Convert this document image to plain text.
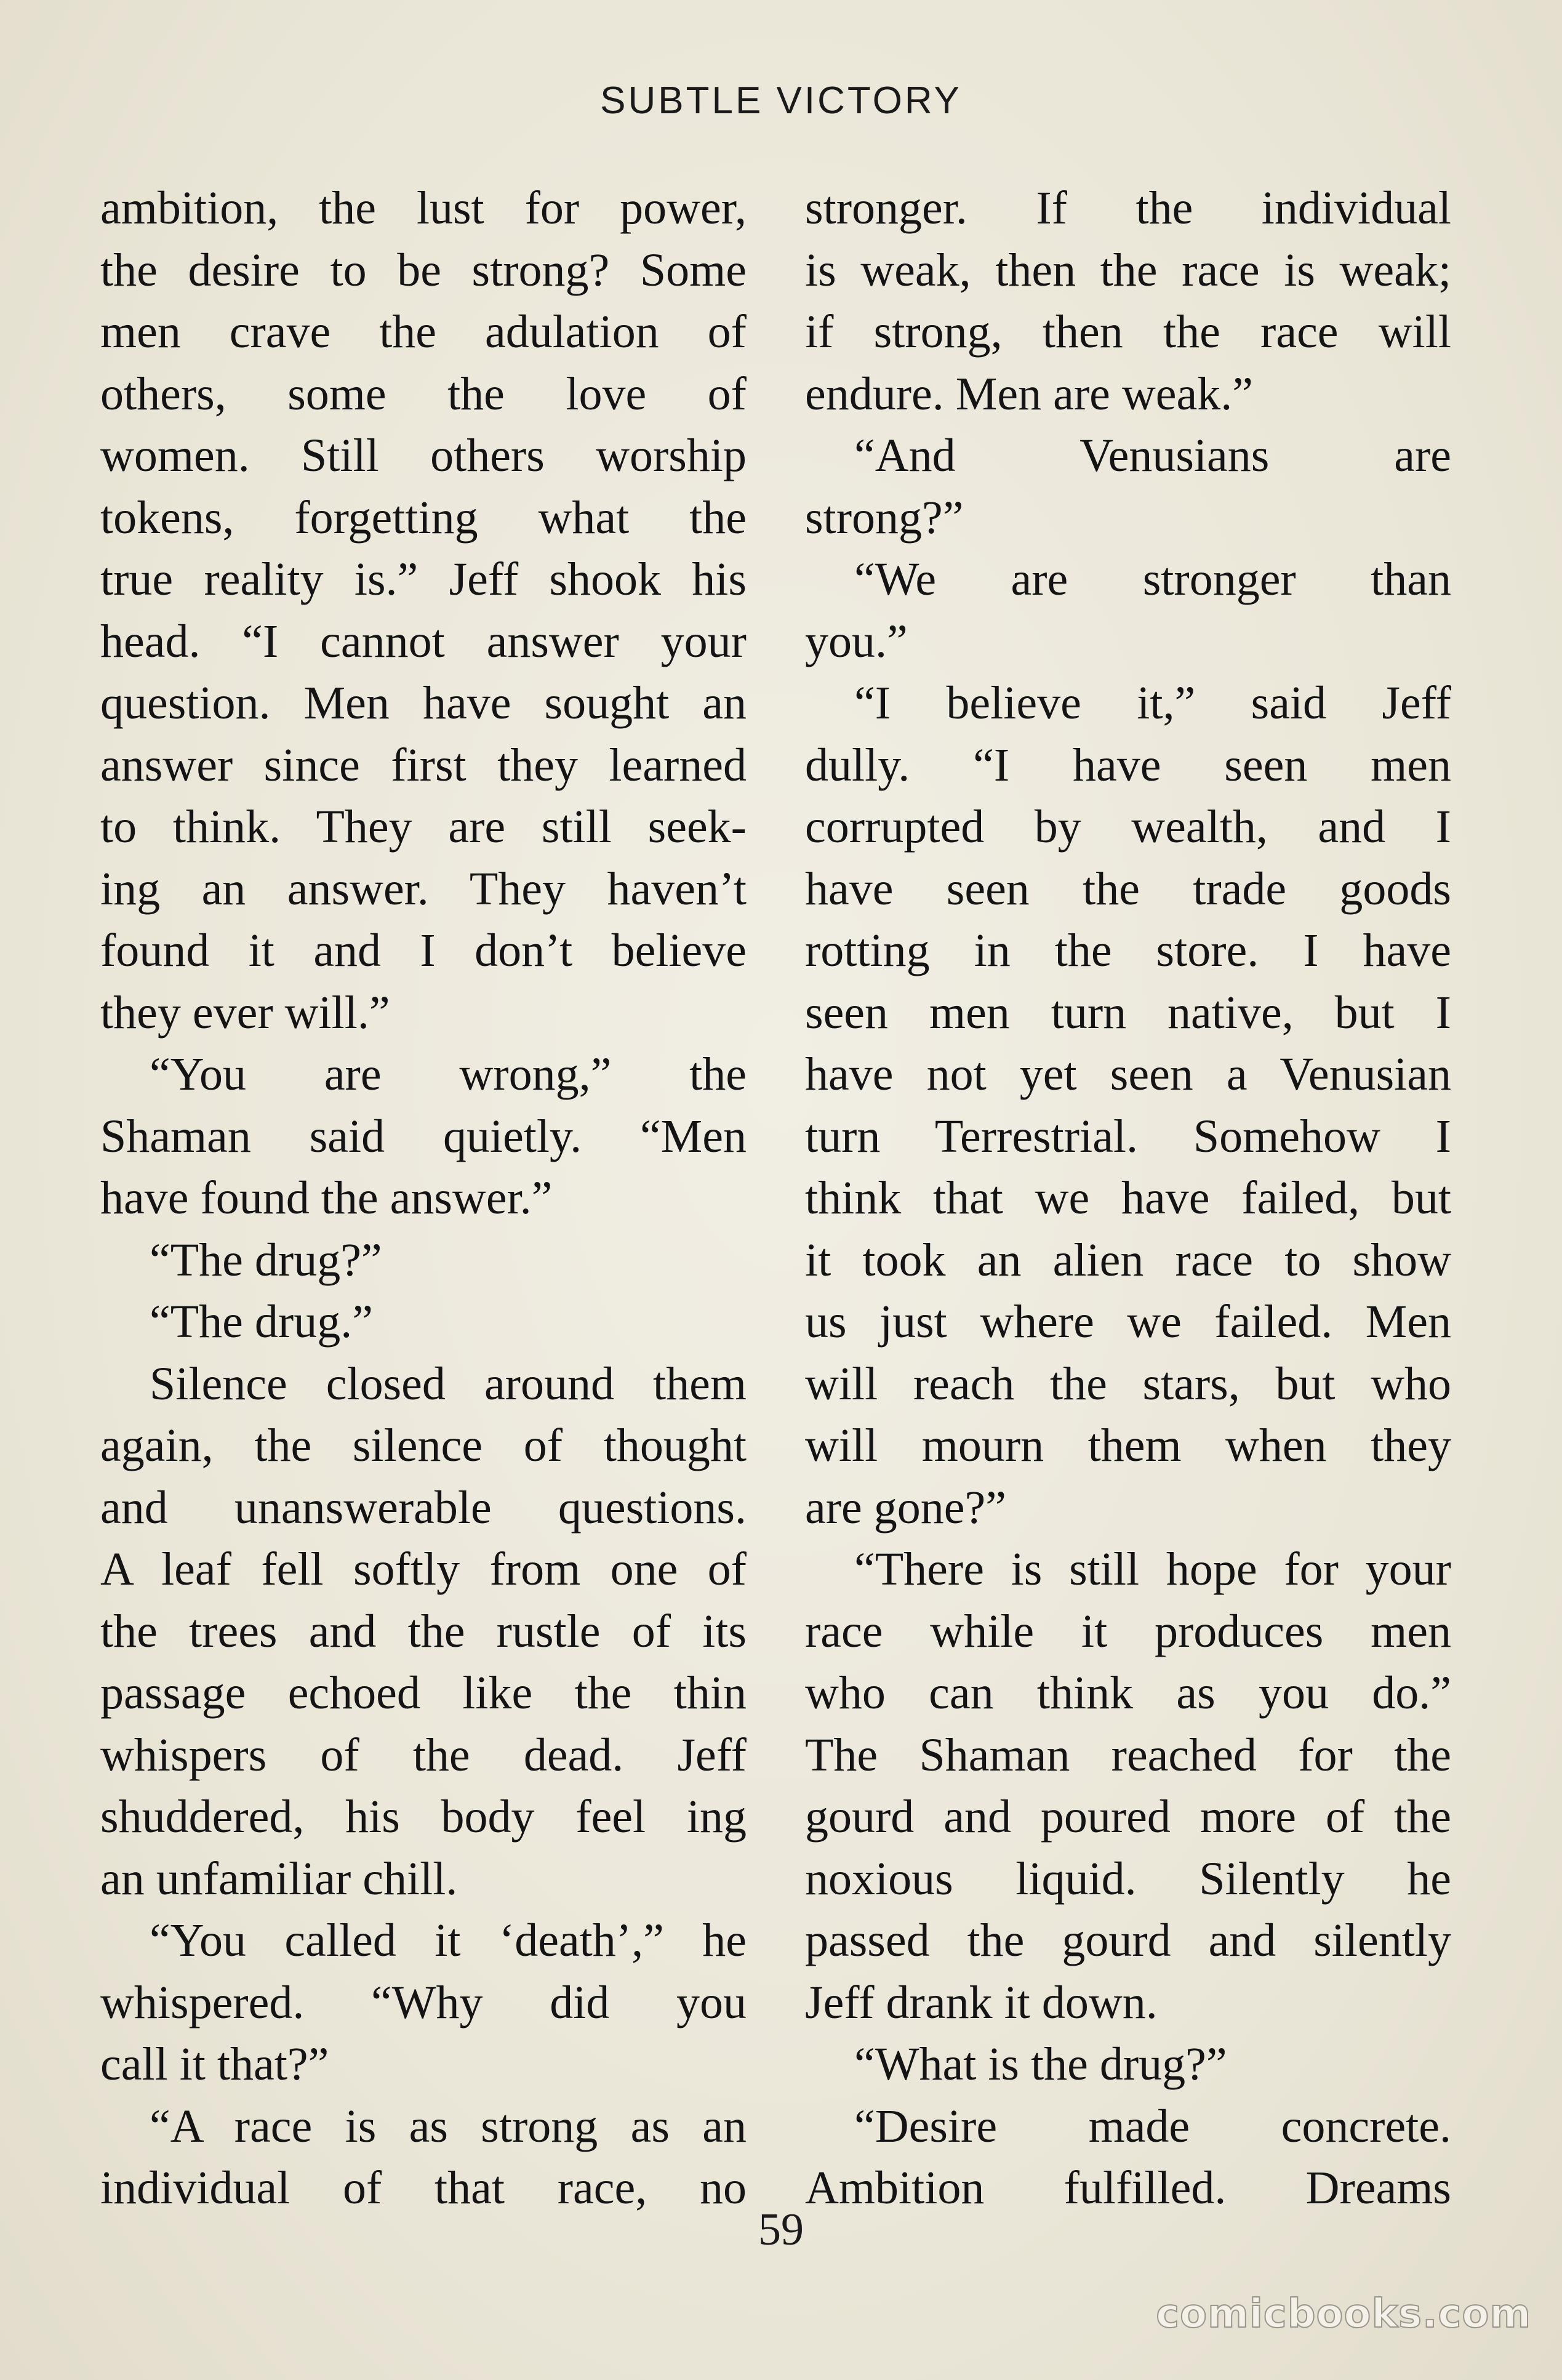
SUBTLE VICTORY
ambition, the lust for power,
the desire to be strong? Some
men crave the adulation of
others, some the love of
women. Still others worship
tokens, forgetting what the
true reality is.” Jeff shook his
head. “I cannot answer your
question. Men have sought an
answer since first they learned
to think. They are still seek-
ing an answer. They haven’t
found it and I don’t believe
they ever will.”
“You are wrong,” the
Shaman said quietly. “Men
have found the answer.”
“The drug?”
“The drug.”
Silence closed around them
again, the silence of thought
and unanswerable questions.
A leaf fell softly from one of
the trees and the rustle of its
passage echoed like the thin
whispers of the dead. Jeff
shuddered, his body feel ing
an unfamiliar chill.
“You called it ‘death’,” he
whispered. “Why did you
call it that?”
“A race is as strong as an
individual of that race, no
stronger. If the individual
is weak, then the race is weak;
if strong, then the race will
endure. Men are weak.”
“And Venusians are
strong?”
“We are stronger than
you.”
“I believe it,” said Jeff
dully. “I have seen men
corrupted by wealth, and I
have seen the trade goods
rotting in the store. I have
seen men turn native, but I
have not yet seen a Venusian
turn Terrestrial. Somehow I
think that we have failed, but
it took an alien race to show
us just where we failed. Men
will reach the stars, but who
will mourn them when they
are gone?”
“There is still hope for your
race while it produces men
who can think as you do.”
The Shaman reached for the
gourd and poured more of the
noxious liquid. Silently he
passed the gourd and silently
Jeff drank it down.
“What is the drug?”
“Desire made concrete.
Ambition fulfilled. Dreams
59
comicbooks.com
